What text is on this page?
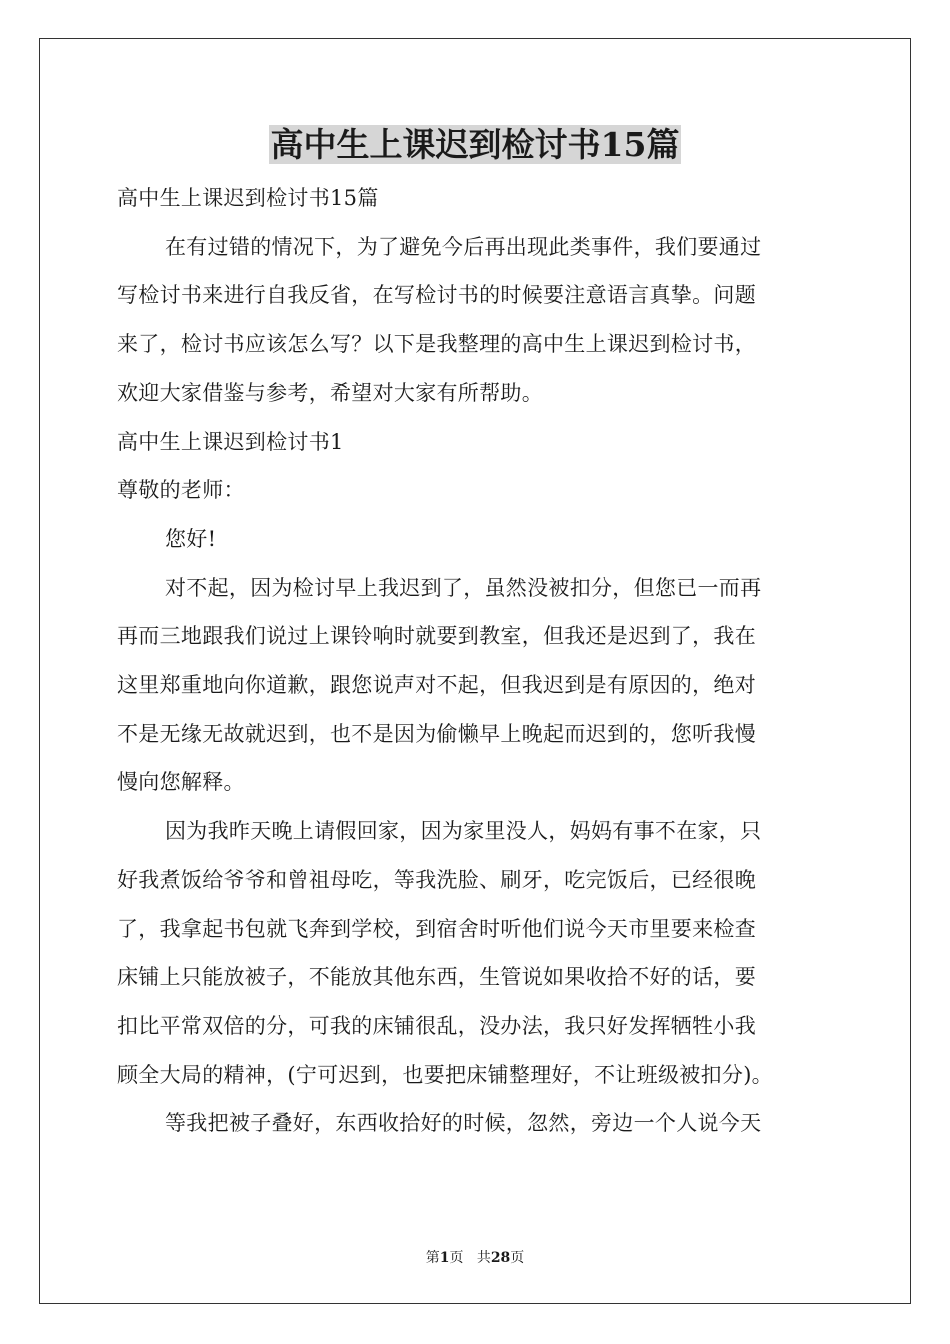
高中生上课迟到检讨书15篇
高中生上课迟到检讨书15篇
在有过错的情况下，为了避免今后再出现此类事件，我们要通过
写检讨书来进行自我反省，在写检讨书的时候要注意语言真挚。问题
来了，检讨书应该怎么写？以下是我整理的高中生上课迟到检讨书，
欢迎大家借鉴与参考，希望对大家有所帮助。
高中生上课迟到检讨书1
尊敬的老师：
您好!
对不起，因为检讨早上我迟到了，虽然没被扣分，但您已一而再
再而三地跟我们说过上课铃响时就要到教室，但我还是迟到了，我在
这里郑重地向你道歉，跟您说声对不起，但我迟到是有原因的，绝对
不是无缘无故就迟到，也不是因为偷懒早上晚起而迟到的，您听我慢
慢向您解释。
因为我昨天晚上请假回家，因为家里没人，妈妈有事不在家，只
好我煮饭给爷爷和曾祖母吃，等我洗脸、刷牙，吃完饭后，已经很晚
了，我拿起书包就飞奔到学校，到宿舍时听他们说今天市里要来检查
床铺上只能放被子，不能放其他东西，生管说如果收拾不好的话，要
扣比平常双倍的分，可我的床铺很乱，没办法，我只好发挥牺牲小我
顾全大局的精神，(宁可迟到，也要把床铺整理好，不让班级被扣分)。
等我把被子叠好，东西收拾好的时候，忽然，旁边一个人说今天
第1页 共28页
